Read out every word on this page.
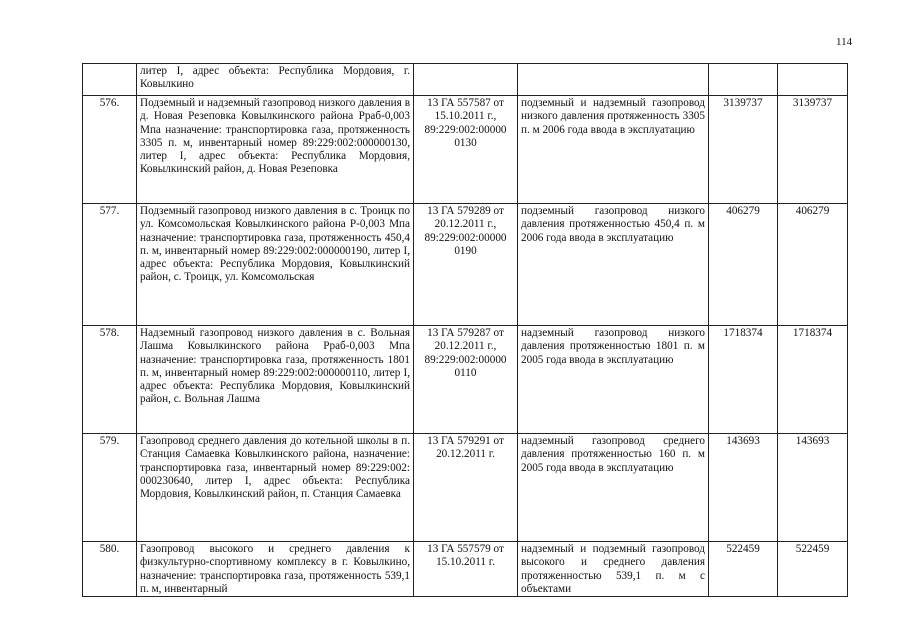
114
	литер I, адрес объекта: Республика Мордовия, г. Ковылкино				
576.	Подземный и надземный газопровод низкого давления в д. Новая Резеповка Ковылкинского района Рраб-0,003 Мпа назначение: транспортировка газа, протяженность 3305 п. м, инвентарный номер 89:229:002:000000130, литер I, адрес объекта: Республика Мордовия, Ковылкинский район, д. Новая Резеповка	13 ГА 557587 от 15.10.2011 г., 89:229:002:00000 0130	подземный и надземный газопровод низкого давления протяженность 3305 п. м 2006 года ввода в эксплуатацию	3139737	3139737
577.	Подземный газопровод низкого давления в с. Троицк по ул. Комсомольская Ковылкинского района Р-0,003 Мпа назначение: транспортировка газа, протяженность 450,4 п. м, инвентарный номер 89:229:002:000000190, литер I, адрес объекта: Республика Мордовия, Ковылкинский район, с. Троицк, ул. Комсомольская	13 ГА 579289 от 20.12.2011 г., 89:229:002:00000 0190	подземный газопровод низкого давления протяженностью 450,4 п. м 2006 года ввода в эксплуатацию	406279	406279
578.	Надземный газопровод низкого давления в с. Вольная Лашма Ковылкинского района Рраб-0,003 Мпа назначение: транспортировка газа, протяженность 1801 п. м, инвентарный номер 89:229:002:000000110, литер I, адрес объекта: Республика Мордовия, Ковылкинский район, с. Вольная Лашма	13 ГА 579287 от 20.12.2011 г., 89:229:002:00000 0110	надземный газопровод низкого давления протяженностью 1801 п. м 2005 года ввода в эксплуатацию	1718374	1718374
579.	Газопровод среднего давления до котельной школы в п. Станция Самаевка Ковылкинского района, назначение: транспортировка газа, инвентарный номер 89:229:002: 000230640, литер I, адрес объекта: Республика Мордовия, Ковылкинский район, п. Станция Самаевка	13 ГА 579291 от 20.12.2011 г.	надземный газопровод среднего давления протяженностью 160 п. м 2005 года ввода в эксплуатацию	143693	143693
580.	Газопровод высокого и среднего давления к физкультурно-спортивному комплексу в г. Ковылкино, назначение: транспортировка газа, протяженность 539,1 п. м, инвентарный	13 ГА 557579 от 15.10.2011 г.	надземный и подземный газопровод высокого и среднего давления протяженностью 539,1 п. м с объектами	522459	522459
